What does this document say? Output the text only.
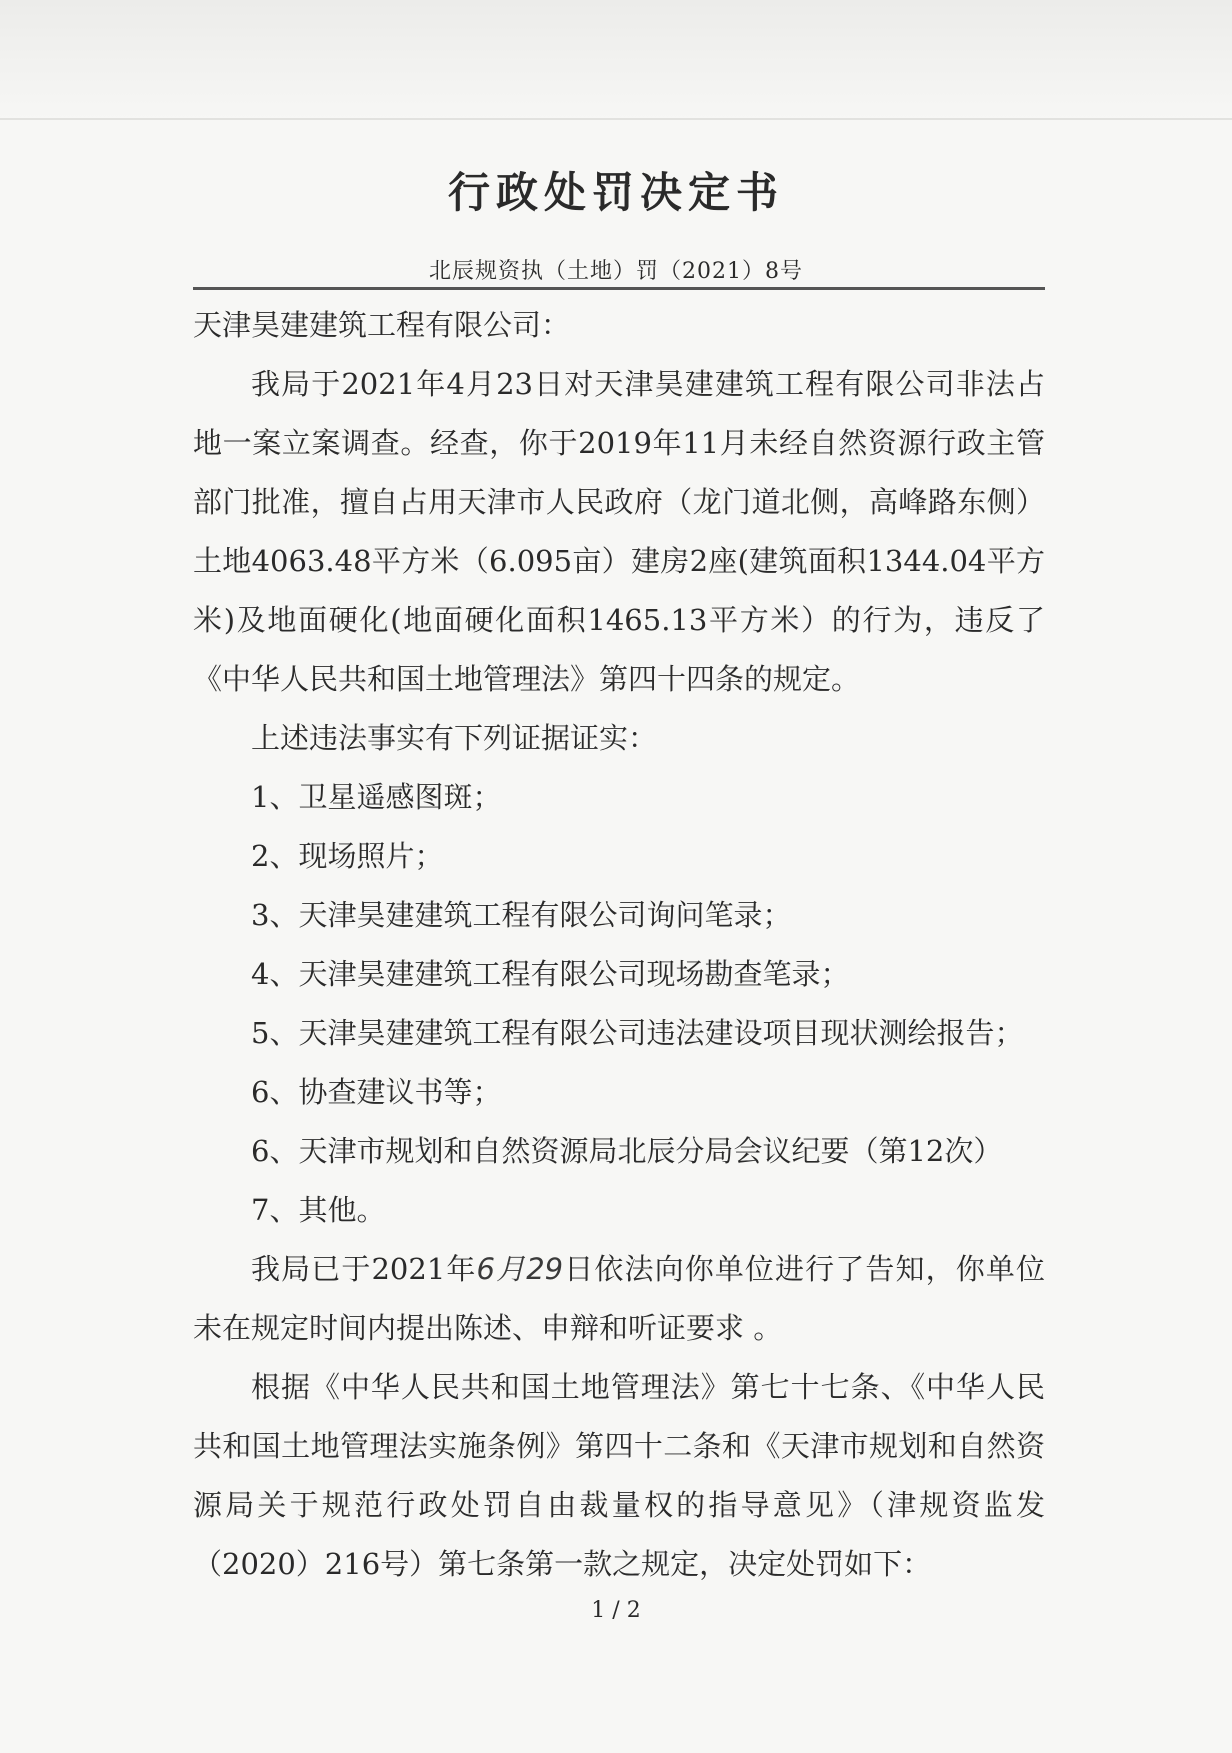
行政处罚决定书
北辰规资执（土地）罚（2021）8号

天津昊建建筑工程有限公司：

我局于2021年4月23日对天津昊建建筑工程有限公司非法占地一案立案调查。经查，你于2019年11月未经自然资源行政主管部门批准，擅自占用天津市人民政府（龙门道北侧，高峰路东侧）土地4063.48平方米（6.095亩）建房2座(建筑面积1344.04平方米)及地面硬化(地面硬化面积1465.13平方米）的行为，违反了《中华人民共和国土地管理法》第四十四条的规定。

上述违法事实有下列证据证实：

1、卫星遥感图斑；

2、现场照片；

3、天津昊建建筑工程有限公司询问笔录；

4、天津昊建建筑工程有限公司现场勘查笔录；

5、天津昊建建筑工程有限公司违法建设项目现状测绘报告；

6、协查建议书等；

6、天津市规划和自然资源局北辰分局会议纪要（第12次）

7、其他。

我局已于2021年6月29日依法向你单位进行了告知，你单位未在规定时间内提出陈述、申辩和听证要求 。

根据《中华人民共和国土地管理法》第七十七条、《中华人民共和国土地管理法实施条例》第四十二条和《天津市规划和自然资源局关于规范行政处罚自由裁量权的指导意见》（津规资监发（2020）216号）第七条第一款之规定，决定处罚如下：

1 / 2
